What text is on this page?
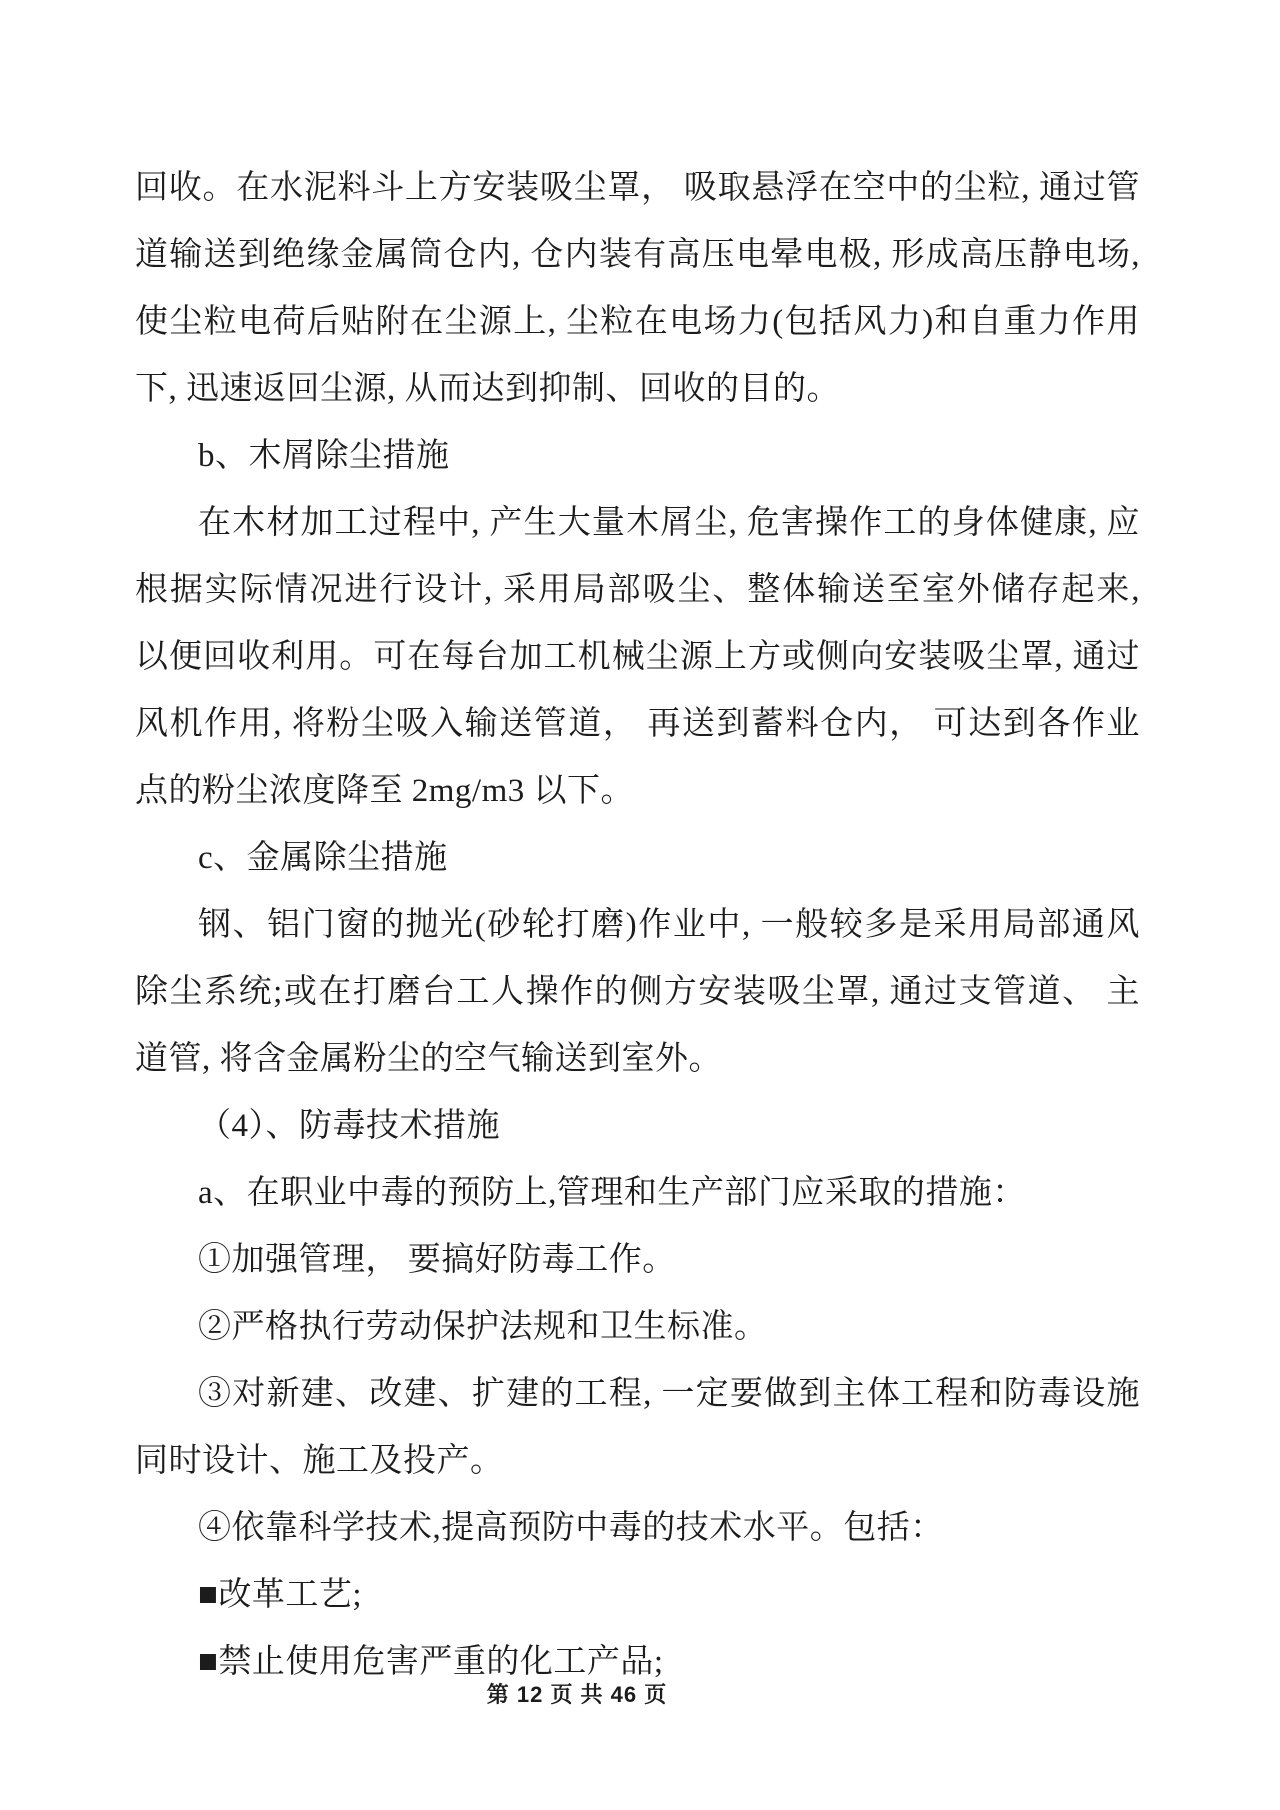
回收。在水泥料斗上方安装吸尘罩， 吸取悬浮在空中的尘粒, 通过管道输送到绝缘金属筒仓内, 仓内装有高压电晕电极, 形成高压静电场, 使尘粒电荷后贴附在尘源上, 尘粒在电场力(包括风力)和自重力作用下, 迅速返回尘源, 从而达到抑制、回收的目的。

b、木屑除尘措施

在木材加工过程中, 产生大量木屑尘, 危害操作工的身体健康, 应根据实际情况进行设计, 采用局部吸尘、整体输送至室外储存起来, 以便回收利用。可在每台加工机械尘源上方或侧向安装吸尘罩, 通过风机作用, 将粉尘吸入输送管道， 再送到蓄料仓内， 可达到各作业点的粉尘浓度降至 2mg/m3 以下。

c、金属除尘措施

钢、铝门窗的抛光(砂轮打磨)作业中, 一般较多是采用局部通风除尘系统;或在打磨台工人操作的侧方安装吸尘罩, 通过支管道、 主道管, 将含金属粉尘的空气输送到室外。

（4）、防毒技术措施

a、在职业中毒的预防上,管理和生产部门应采取的措施：

①加强管理， 要搞好防毒工作。

②严格执行劳动保护法规和卫生标准。

③对新建、改建、扩建的工程, 一定要做到主体工程和防毒设施同时设计、施工及投产。

④依靠科学技术,提高预防中毒的技术水平。包括：

■改革工艺;

■禁止使用危害严重的化工产品;

第 12 页 共 46 页
